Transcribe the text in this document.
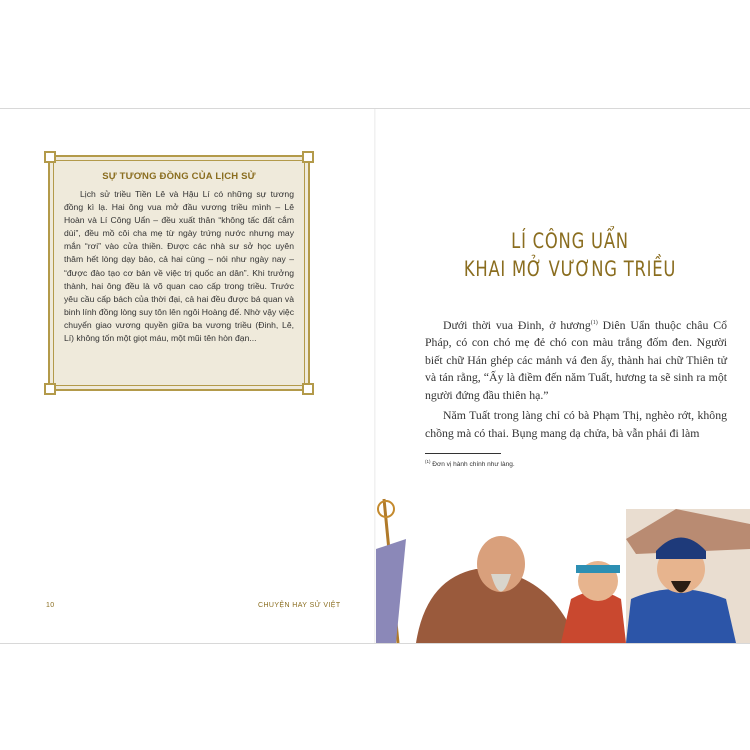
SỰ TƯƠNG ĐỒNG CỦA LỊCH SỬ

Lịch sử triều Tiền Lê và Hậu Lí có những sự tương đồng kì lạ. Hai ông vua mở đầu vương triều mình – Lê Hoàn và Lí Công Uẩn – đều xuất thân “không tấc đất cắm dùi”, đều mồ côi cha mẹ từ ngày trứng nước nhưng may mắn “rơi” vào cửa thiền. Được các nhà sư sở học uyên thâm hết lòng dạy bảo, cả hai cùng – nói như ngày nay – “được đào tạo cơ bản về việc trị quốc an dân”. Khi trưởng thành, hai ông đều là võ quan cao cấp trong triều. Trước yêu cầu cấp bách của thời đại, cả hai đều được bá quan và binh lính đồng lòng suy tôn lên ngôi Hoàng đế. Nhờ vậy việc chuyển giao vương quyền giữa ba vương triều (Đinh, Lê, Lí) không tốn một giọt máu, một mũi tên hòn đạn...

10	CHUYỆN HAY SỬ VIỆT
LÍ CÔNG UẨN
KHAI MỞ VƯƠNG TRIỀU

Dưới thời vua Đinh, ở hương$^{(1)}$ Diên Uẩn thuộc châu Cổ Pháp, có con chó mẹ đẻ chó con màu trắng đốm đen. Người biết chữ Hán ghép các mảnh vá đen ấy, thành hai chữ Thiên tử và tán rằng, “Ấy là điềm đến năm Tuất, hương ta sẽ sinh ra một người đứng đầu thiên hạ.”

Năm Tuất trong làng chỉ có bà Phạm Thị, nghèo rớt, không chồng mà có thai. Bụng mang dạ chửa, bà vẫn phải đi làm

$^{(1)}$ Đơn vị hành chính như làng.
